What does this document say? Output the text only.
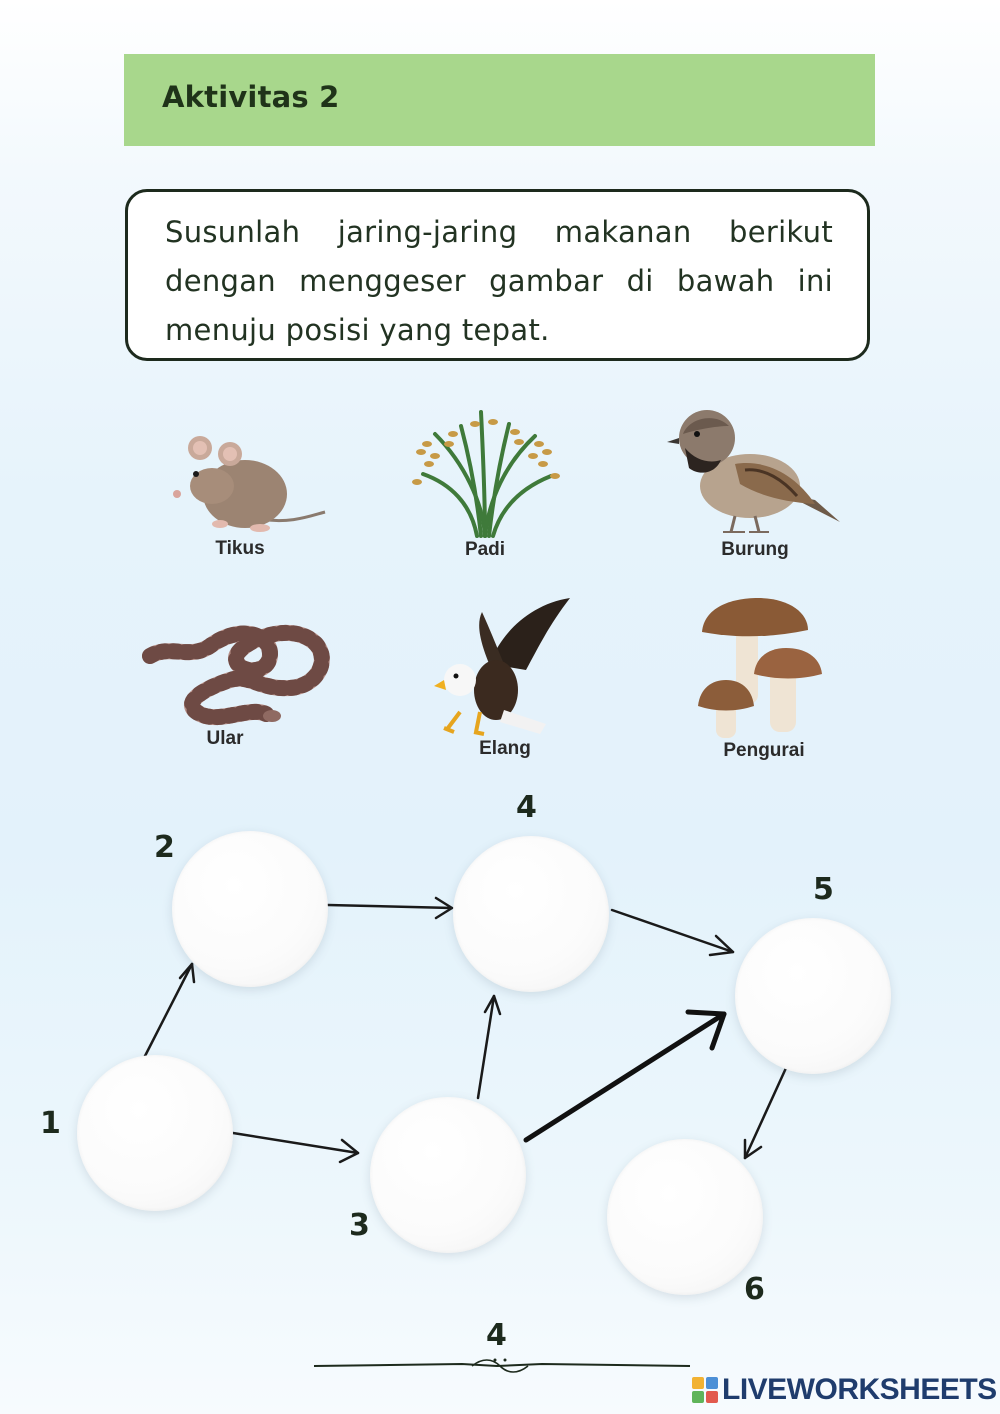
Aktivitas 2

Susunlah jaring-jaring makanan berikut dengan menggeser gambar di bawah ini menuju posisi yang tepat.

Tikus	Padi	Burung
Ular	Elang	Pengurai
1
2
3
4
5
6
4
LIVEWORKSHEETS
